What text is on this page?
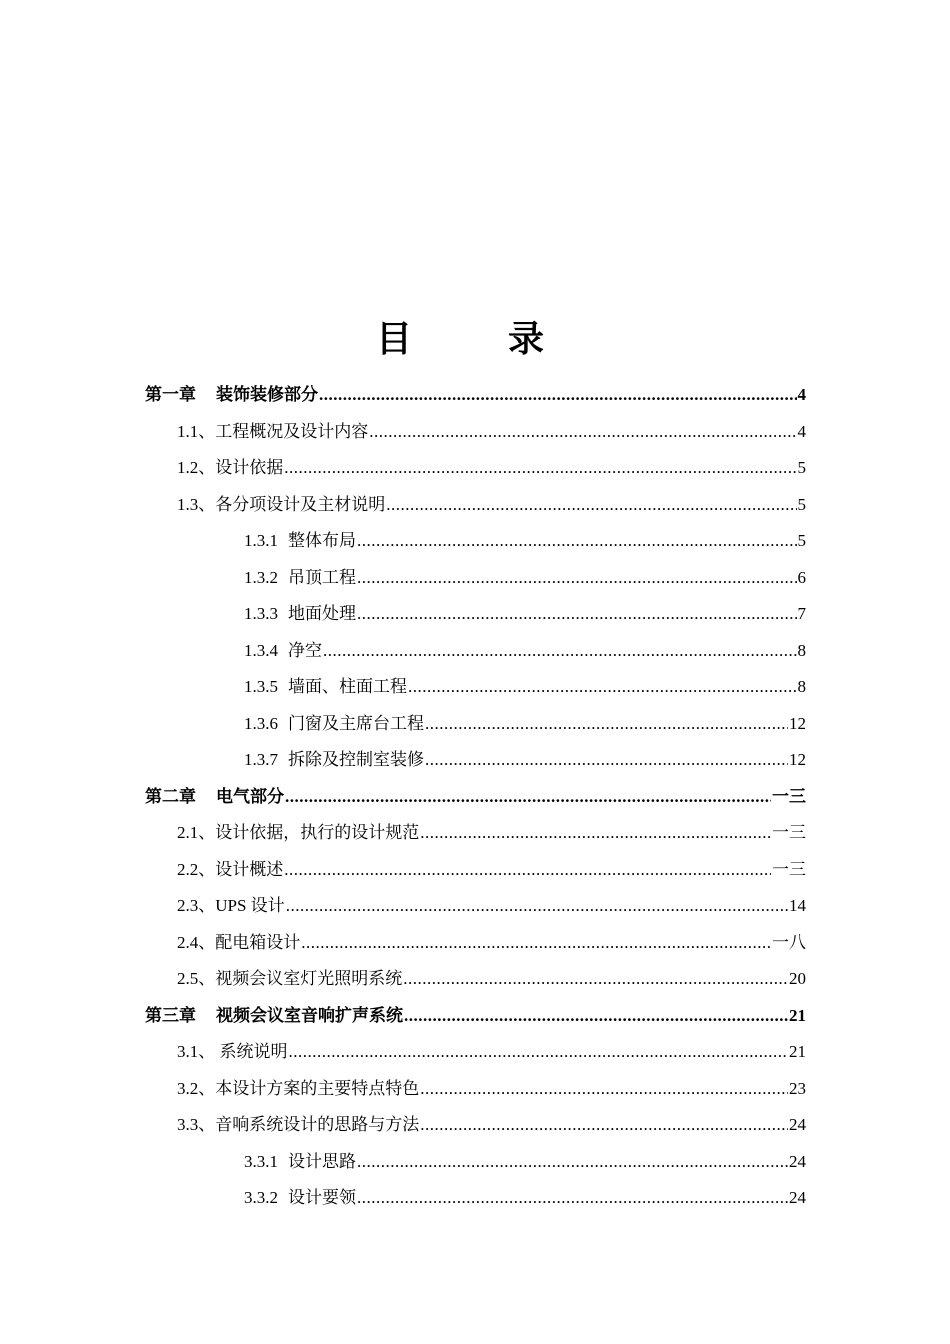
目　录
第一章 装饰装修部分 .....	4
1.1、工程概况及设计内容 .....	4
1.2、设计依据 .....	5
1.3、各分项设计及主材说明 .....	5
1.3.1 整体布局 .....	5
1.3.2 吊顶工程 .....	6
1.3.3 地面处理 .....	7
1.3.4 净空 .....	8
1.3.5 墙面、柱面工程 .....	8
1.3.6 门窗及主席台工程 .....	12
1.3.7 拆除及控制室装修 .....	12
第二章 电气部分 .....	一三
2.1、设计依据，执行的设计规范 .....	一三
2.2、设计概述 .....	一三
2.3、UPS 设计 .....	14
2.4、配电箱设计 .....	一八
2.5、视频会议室灯光照明系统 .....	20
第三章 视频会议室音响扩声系统 .....	21
3.1、 系统说明 .....	21
3.2、本设计方案的主要特点特色 .....	23
3.3、音响系统设计的思路与方法 .....	24
3.3.1 设计思路 .....	24
3.3.2 设计要领 .....	24
